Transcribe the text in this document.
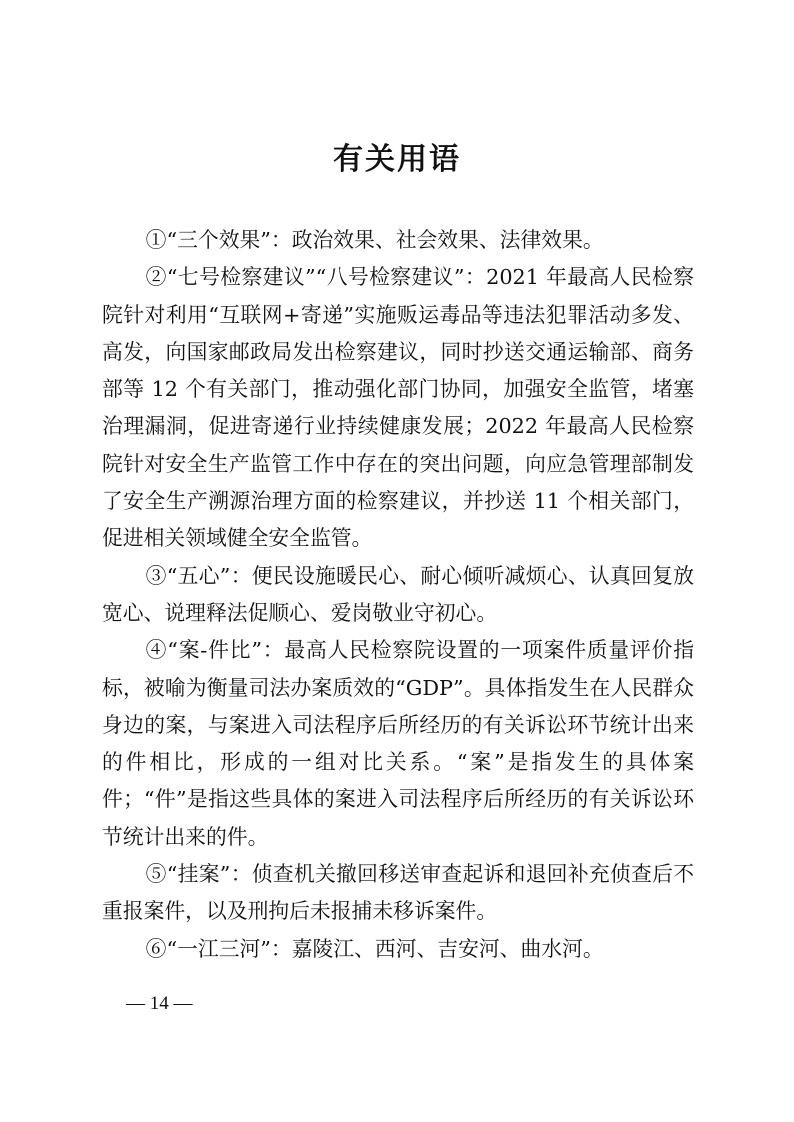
有关用语

①“三个效果”：政治效果、社会效果、法律效果。

②“七号检察建议”“八号检察建议”：2021 年最高人民检察院针对利用“互联网+寄递”实施贩运毒品等违法犯罪活动多发、高发，向国家邮政局发出检察建议，同时抄送交通运输部、商务部等 12 个有关部门，推动强化部门协同，加强安全监管，堵塞治理漏洞，促进寄递行业持续健康发展；2022 年最高人民检察院针对安全生产监管工作中存在的突出问题，向应急管理部制发了安全生产溯源治理方面的检察建议，并抄送 11 个相关部门，促进相关领域健全安全监管。

③“五心”：便民设施暖民心、耐心倾听减烦心、认真回复放宽心、说理释法促顺心、爱岗敬业守初心。

④“案-件比”：最高人民检察院设置的一项案件质量评价指标，被喻为衡量司法办案质效的“GDP”。具体指发生在人民群众身边的案，与案进入司法程序后所经历的有关诉讼环节统计出来的件相比，形成的一组对比关系。“案”是指发生的具体案件；“件”是指这些具体的案进入司法程序后所经历的有关诉讼环节统计出来的件。

⑤“挂案”：侦查机关撤回移送审查起诉和退回补充侦查后不重报案件，以及刑拘后未报捕未移诉案件。

⑥“一江三河”：嘉陵江、西河、吉安河、曲水河。

— 14 —
